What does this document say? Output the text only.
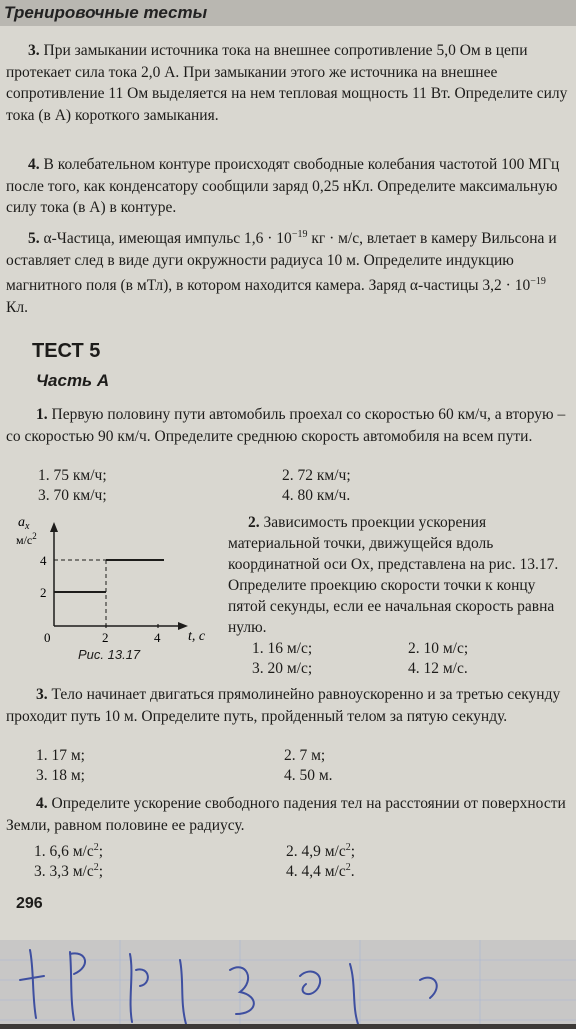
Тренировочные тесты

3. При замыкании источника тока на внешнее сопротивление 5,0 Ом в цепи протекает сила тока 2,0 А. При замыкании этого же источника на внешнее сопротивление 11 Ом выделяется на нем тепловая мощность 11 Вт. Определите силу тока (в А) короткого замыкания.

4. В колебательном контуре происходят свободные колебания частотой 100 МГц после того, как конденсатору сообщили заряд 0,25 нКл. Определите максимальную силу тока (в А) в контуре.

5. α-Частица, имеющая импульс $1,6 \cdot 10^{-19}$ кг · м/с, влетает в камеру Вильсона и оставляет след в виде дуги окружности радиуса 10 м. Определите индукцию магнитного поля (в мТл), в котором находится камера. Заряд α-частицы $3,2 \cdot 10^{-19}$ Кл.

ТЕСТ 5
Часть А

1. Первую половину пути автомобиль проехал со скоростью 60 км/ч, а вторую – со скоростью 90 км/ч. Определите среднюю скорость автомобиля на всем пути.

1. 75 км/ч;	2. 72 км/ч;
3. 70 км/ч;	4. 80 км/ч.
$a_x$
$м/с^2$
4
2
0	2	4 t, с
Рис. 13.17

2. Зависимость проекции ускорения материальной точки, движущейся вдоль координатной оси Ox, представлена на рис. 13.17. Определите проекцию скорости точки к концу пятой секунды, если ее начальная скорость равна нулю.

1. 16 м/с;	2. 10 м/с;
3. 20 м/с;	4. 12 м/с.

3. Тело начинает двигаться прямолинейно равноускоренно и за третью секунду проходит путь 10 м. Определите путь, пройденный телом за пятую секунду.

1. 17 м;	2. 7 м;
3. 18 м;	4. 50 м.

4. Определите ускорение свободного падения тел на расстоянии от поверхности Земли, равном половине ее радиусу.

1. 6,6 $м/с^2$;	2. 4,9 $м/с^2$;
3. 3,3 $м/с^2$;	4. 4,4 $м/с^2$.
296
